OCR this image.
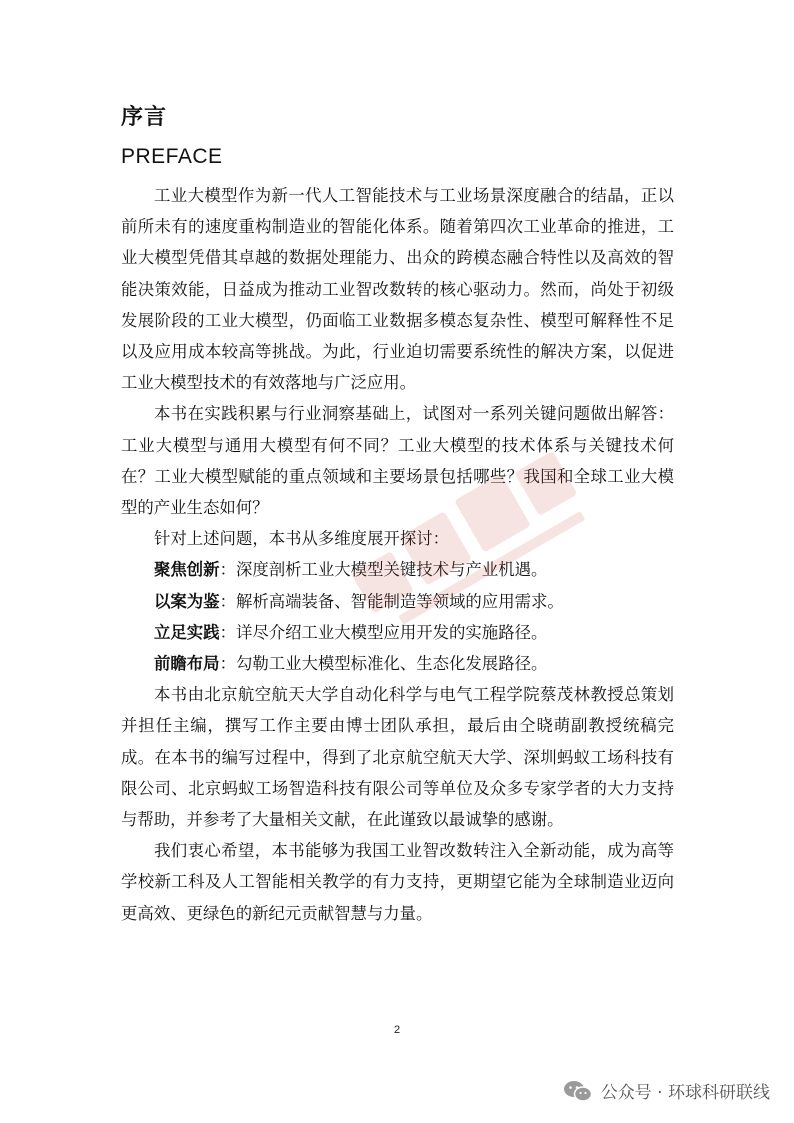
序言
PREFACE

工业大模型作为新一代人工智能技术与工业场景深度融合的结晶，正以前所未有的速度重构制造业的智能化体系。随着第四次工业革命的推进，工业大模型凭借其卓越的数据处理能力、出众的跨模态融合特性以及高效的智能决策效能，日益成为推动工业智改数转的核心驱动力。然而，尚处于初级发展阶段的工业大模型，仍面临工业数据多模态复杂性、模型可解释性不足以及应用成本较高等挑战。为此，行业迫切需要系统性的解决方案，以促进工业大模型技术的有效落地与广泛应用。

本书在实践积累与行业洞察基础上，试图对一系列关键问题做出解答：工业大模型与通用大模型有何不同？工业大模型的技术体系与关键技术何在？工业大模型赋能的重点领域和主要场景包括哪些？我国和全球工业大模型的产业生态如何？

针对上述问题，本书从多维度展开探讨：

聚焦创新：深度剖析工业大模型关键技术与产业机遇。

以案为鉴：解析高端装备、智能制造等领域的应用需求。

立足实践：详尽介绍工业大模型应用开发的实施路径。

前瞻布局：勾勒工业大模型标准化、生态化发展路径。

本书由北京航空航天大学自动化科学与电气工程学院蔡茂林教授总策划并担任主编，撰写工作主要由博士团队承担，最后由仝晓萌副教授统稿完成。在本书的编写过程中，得到了北京航空航天大学、深圳蚂蚁工场科技有限公司、北京蚂蚁工场智造科技有限公司等单位及众多专家学者的大力支持与帮助，并参考了大量相关文献，在此谨致以最诚挚的感谢。

我们衷心希望，本书能够为我国工业智改数转注入全新动能，成为高等学校新工科及人工智能相关教学的有力支持，更期望它能为全球制造业迈向更高效、更绿色的新纪元贡献智慧与力量。

2
公众号 · 环球科研联线
